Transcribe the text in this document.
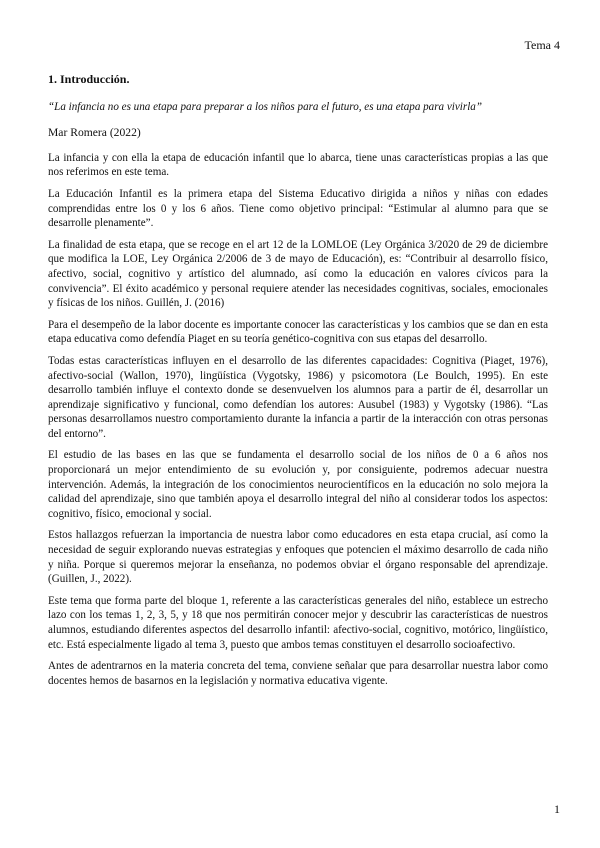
Tema 4
1. Introducción.
“La infancia no es una etapa para preparar a los niños para el futuro, es una etapa para vivirla”
Mar Romera (2022)

La infancia y con ella la etapa de educación infantil que lo abarca, tiene unas características propias a las que nos referimos en este tema.

La Educación Infantil es la primera etapa del Sistema Educativo dirigida a niños y niñas con edades comprendidas entre los 0 y los 6 años. Tiene como objetivo principal: “Estimular al alumno para que se desarrolle plenamente”.

La finalidad de esta etapa, que se recoge en el art 12 de la LOMLOE (Ley Orgánica 3/2020 de 29 de diciembre que modifica la LOE, Ley Orgánica 2/2006 de 3 de mayo de Educación), es: “Contribuir al desarrollo físico, afectivo, social, cognitivo y artístico del alumnado, así como la educación en valores cívicos para la convivencia”. El éxito académico y personal requiere atender las necesidades cognitivas, sociales, emocionales y físicas de los niños. Guillén, J. (2016)

Para el desempeño de la labor docente es importante conocer las características y los cambios que se dan en esta etapa educativa como defendía Piaget en su teoría genético-cognitiva con sus etapas del desarrollo.

Todas estas características influyen en el desarrollo de las diferentes capacidades: Cognitiva (Piaget, 1976), afectivo-social (Wallon, 1970), lingüística (Vygotsky, 1986) y psicomotora (Le Boulch, 1995). En este desarrollo también influye el contexto donde se desenvuelven los alumnos para a partir de él, desarrollar un aprendizaje significativo y funcional, como defendían los autores: Ausubel (1983) y Vygotsky (1986). “Las personas desarrollamos nuestro comportamiento durante la infancia a partir de la interacción con otras personas del entorno”.

El estudio de las bases en las que se fundamenta el desarrollo social de los niños de 0 a 6 años nos proporcionará un mejor entendimiento de su evolución y, por consiguiente, podremos adecuar nuestra intervención. Además, la integración de los conocimientos neurocientíficos en la educación no solo mejora la calidad del aprendizaje, sino que también apoya el desarrollo integral del niño al considerar todos los aspectos: cognitivo, físico, emocional y social.

Estos hallazgos refuerzan la importancia de nuestra labor como educadores en esta etapa crucial, así como la necesidad de seguir explorando nuevas estrategias y enfoques que potencien el máximo desarrollo de cada niño y niña. Porque si queremos mejorar la enseñanza, no podemos obviar el órgano responsable del aprendizaje. (Guillen, J., 2022).

Este tema que forma parte del bloque 1, referente a las características generales del niño, establece un estrecho lazo con los temas 1, 2, 3, 5, y 18 que nos permitirán conocer mejor y descubrir las características de nuestros alumnos, estudiando diferentes aspectos del desarrollo infantil: afectivo-social, cognitivo, motórico, lingüístico, etc. Está especialmente ligado al tema 3, puesto que ambos temas constituyen el desarrollo socioafectivo.

Antes de adentrarnos en la materia concreta del tema, conviene señalar que para desarrollar nuestra labor como docentes hemos de basarnos en la legislación y normativa educativa vigente.

1
